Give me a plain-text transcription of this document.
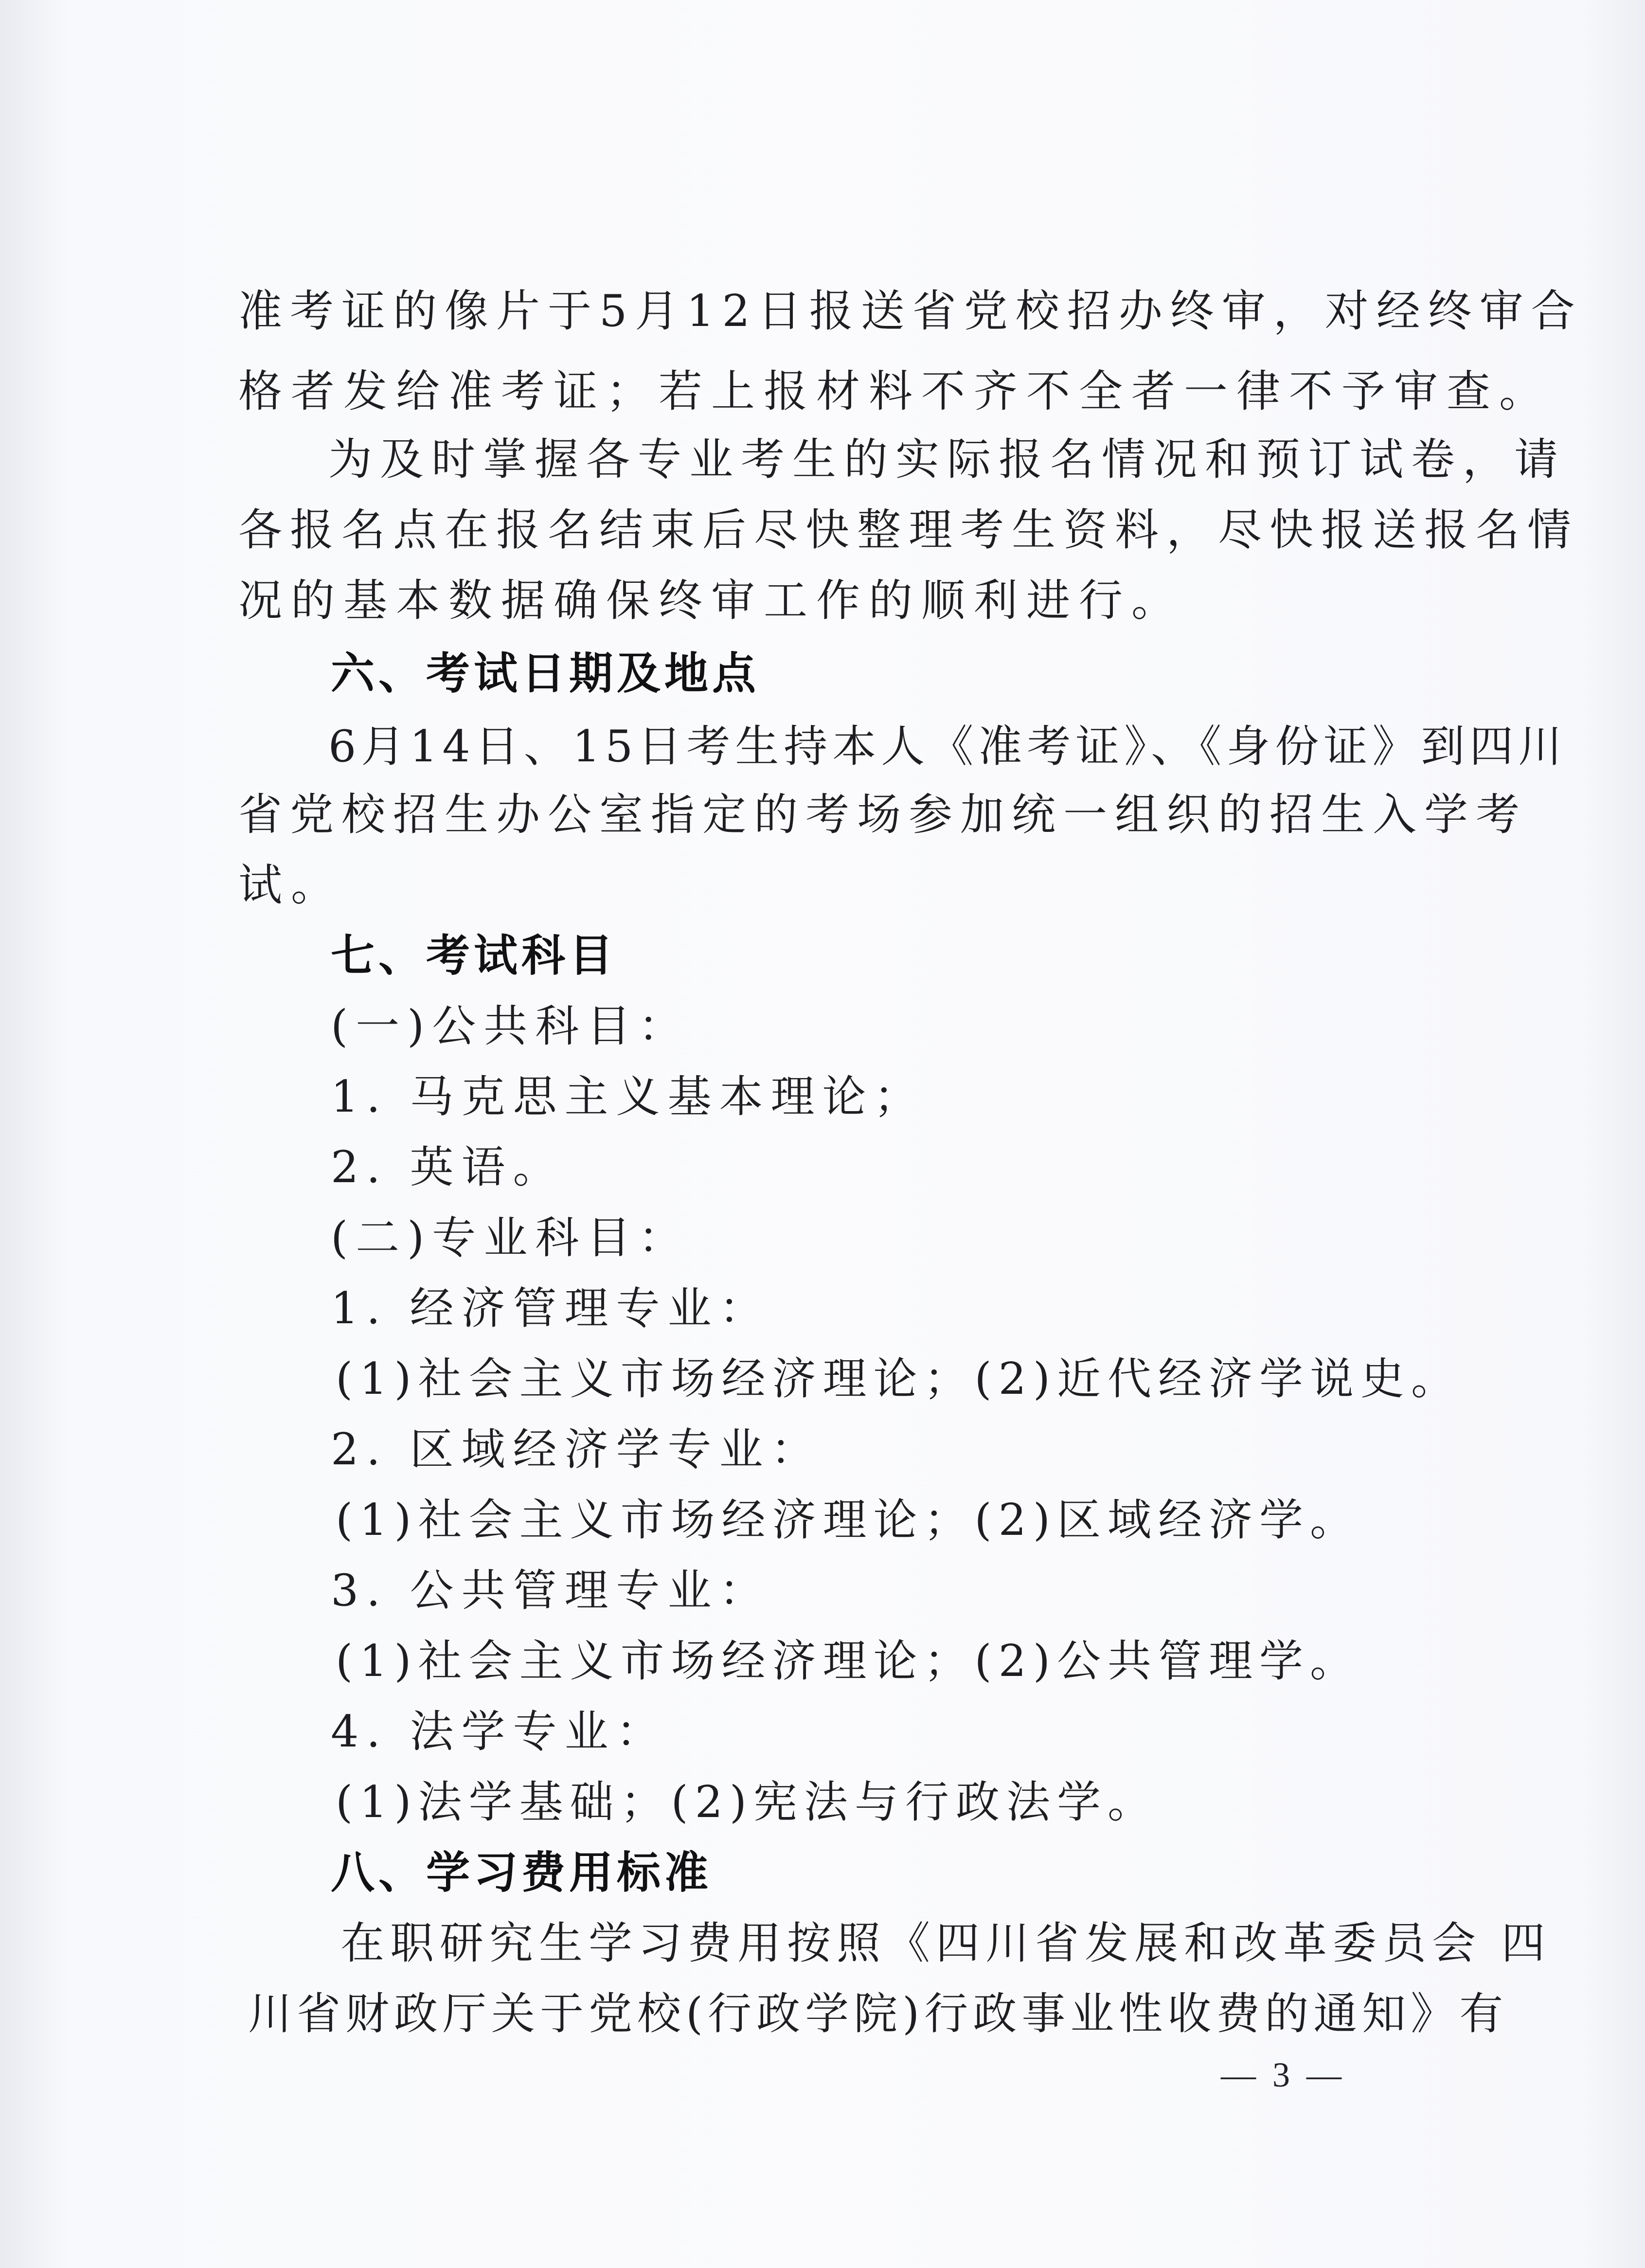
准考证的像片于5月12日报送省党校招办终审，对经终审合
格者发给准考证；若上报材料不齐不全者一律不予审查。
为及时掌握各专业考生的实际报名情况和预订试卷，请
各报名点在报名结束后尽快整理考生资料，尽快报送报名情
况的基本数据确保终审工作的顺利进行。
六、考试日期及地点
6月14日、15日考生持本人《准考证》、《身份证》到四川
省党校招生办公室指定的考场参加统一组织的招生入学考
试。
七、考试科目
(一)公共科目：
1. 马克思主义基本理论；
2. 英语。
(二)专业科目：
1. 经济管理专业：
(1)社会主义市场经济理论；(2)近代经济学说史。
2. 区域经济学专业：
(1)社会主义市场经济理论；(2)区域经济学。
3. 公共管理专业：
(1)社会主义市场经济理论；(2)公共管理学。
4. 法学专业：
(1)法学基础；(2)宪法与行政法学。
八、学习费用标准
在职研究生学习费用按照《四川省发展和改革委员会 四
川省财政厅关于党校(行政学院)行政事业性收费的通知》有
— 3 —
